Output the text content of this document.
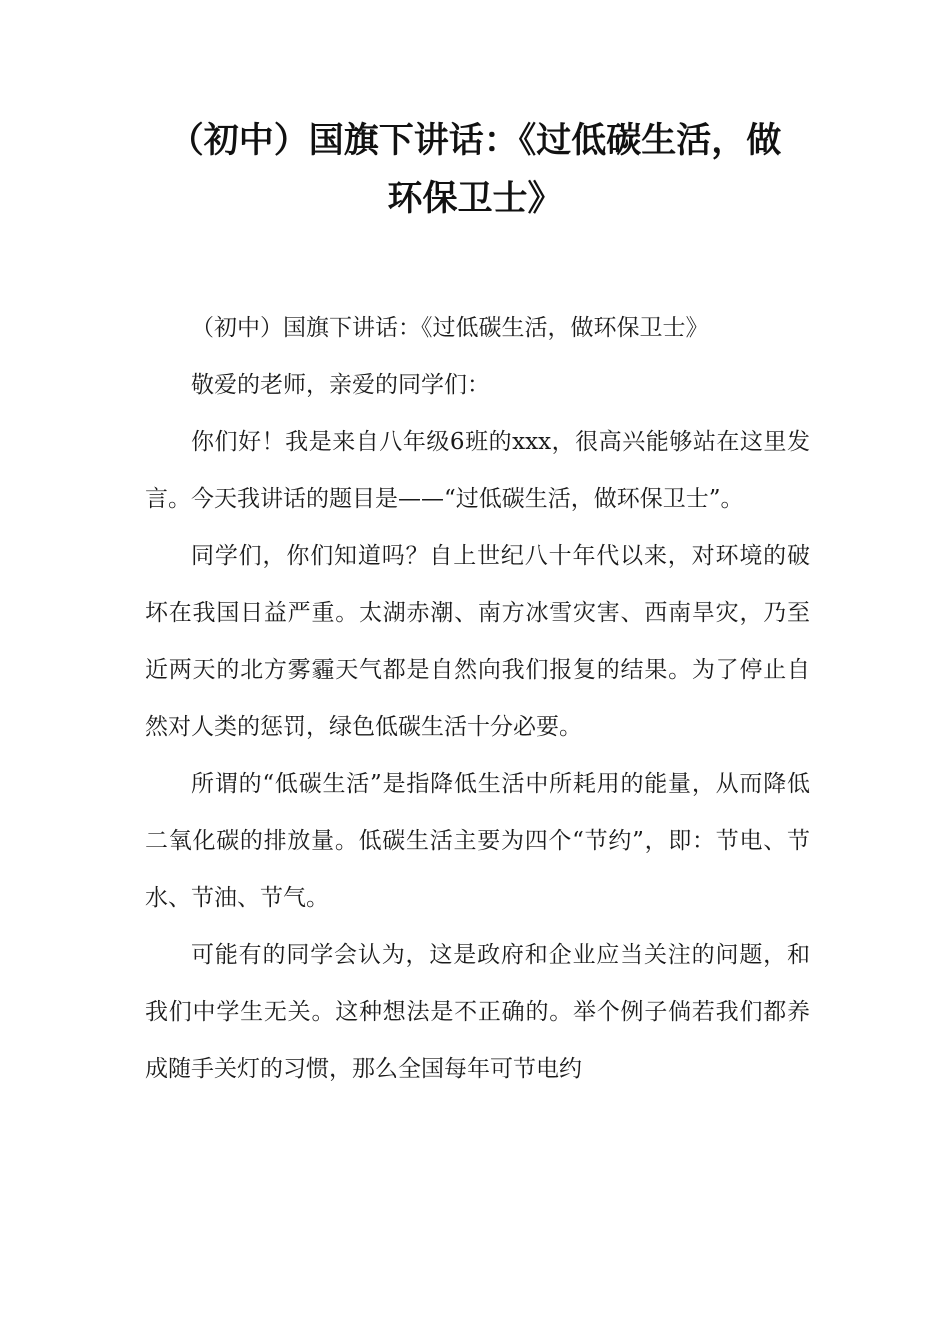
（初中）国旗下讲话：《过低碳生活，做
环保卫士》

（初中）国旗下讲话：《过低碳生活，做环保卫士》

敬爱的老师，亲爱的同学们：

你们好！我是来自八年级6班的xxx，很高兴能够站在这里发言。今天我讲话的题目是——“过低碳生活，做环保卫士”。

同学们，你们知道吗？自上世纪八十年代以来，对环境的破坏在我国日益严重。太湖赤潮、南方冰雪灾害、西南旱灾，乃至近两天的北方雾霾天气都是自然向我们报复的结果。为了停止自然对人类的惩罚，绿色低碳生活十分必要。

所谓的“低碳生活”是指降低生活中所耗用的能量，从而降低二氧化碳的排放量。低碳生活主要为四个“节约”，即：节电、节水、节油、节气。

可能有的同学会认为，这是政府和企业应当关注的问题，和我们中学生无关。这种想法是不正确的。举个例子倘若我们都养成随手关灯的习惯，那么全国每年可节电约
